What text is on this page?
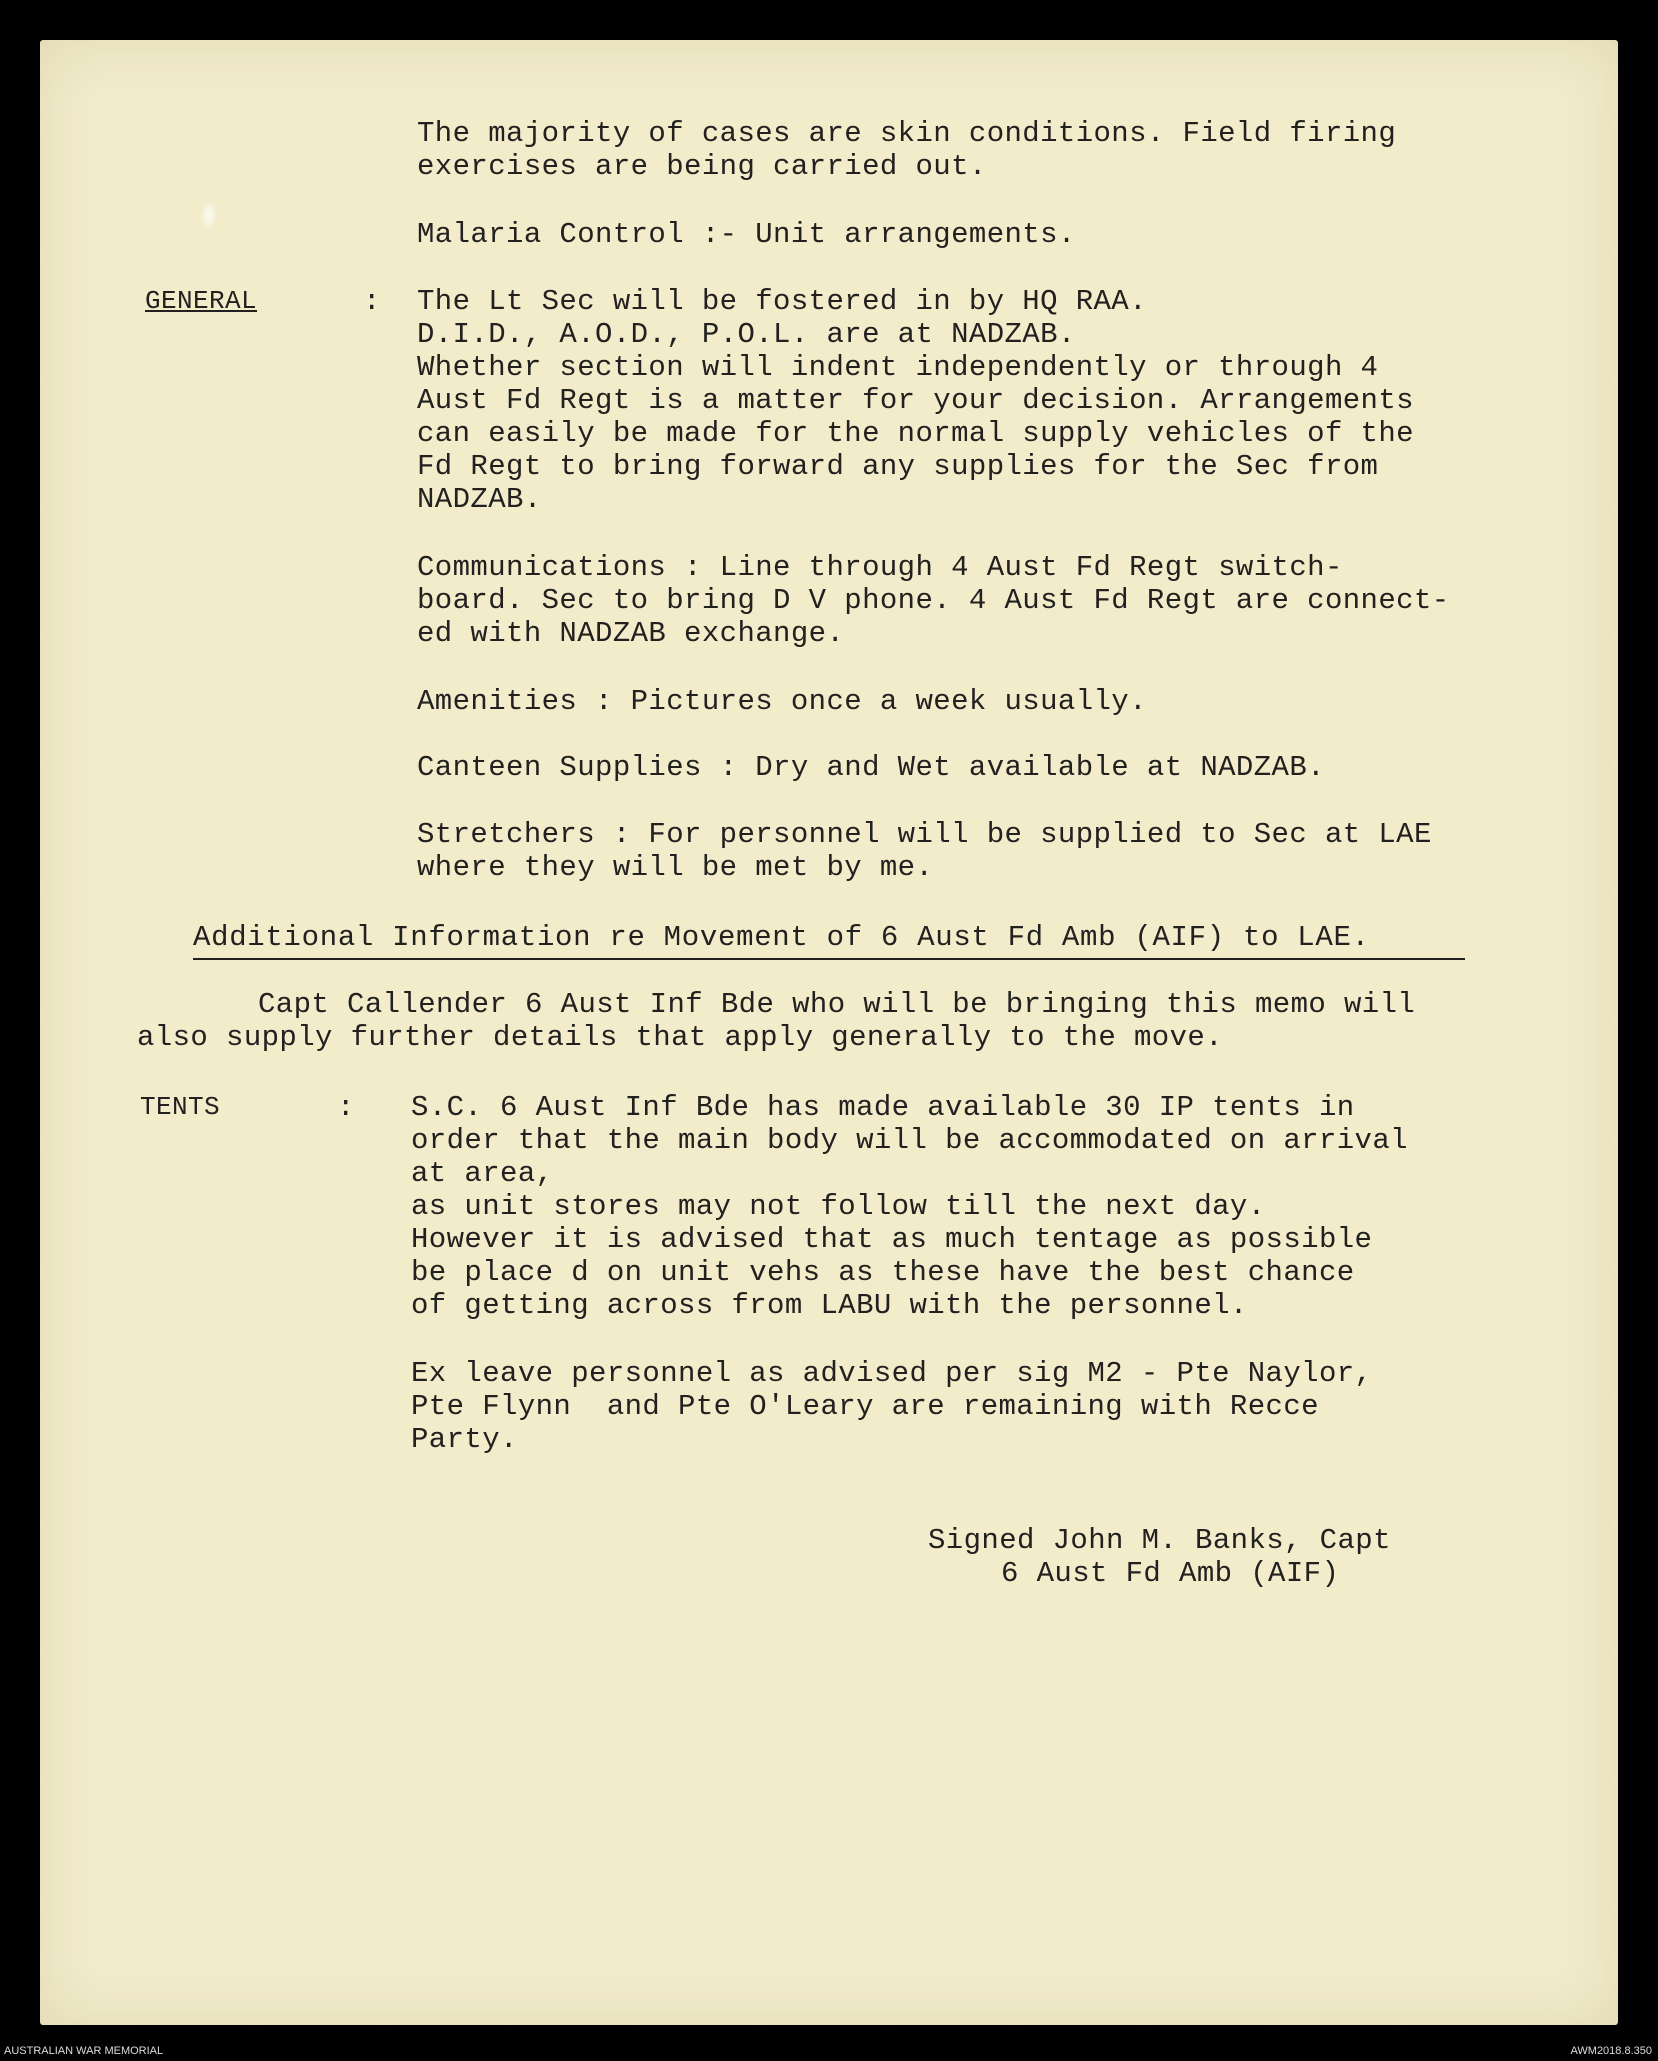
The majority of cases are skin conditions. Field firing
exercises are being carried out.
Malaria Control :- Unit arrangements.
GENERAL	: The Lt Sec will be fostered in by HQ RAA.
D.I.D., A.O.D., P.O.L. are at NADZAB.
Whether section will indent independently or through 4
Aust Fd Regt is a matter for your decision. Arrangements
can easily be made for the normal supply vehicles of the
Fd Regt to bring forward any supplies for the Sec from
NADZAB.
Communications : Line through 4 Aust Fd Regt switch-
board. Sec to bring D V phone. 4 Aust Fd Regt are connect-
ed with NADZAB exchange.
Amenities : Pictures once a week usually.
Canteen Supplies : Dry and Wet available at NADZAB.
Stretchers : For personnel will be supplied to Sec at LAE
where they will be met by me.
Additional Information re Movement of 6 Aust Fd Amb (AIF) to LAE.
Capt Callender 6 Aust Inf Bde who will be bringing this memo will
also supply further details that apply generally to the move.
TENTS	: S.C. 6 Aust Inf Bde has made available 30 IP tents in
order that the main body will be accommodated on arrival
at area,
as unit stores may not follow till the next day.
However it is advised that as much tentage as possible
be place d on unit vehs as these have the best chance
of getting across from LABU with the personnel.
Ex leave personnel as advised per sig M2 - Pte Naylor,
Pte Flynn  and Pte O'Leary are remaining with Recce
Party.
Signed John M. Banks, Capt
6 Aust Fd Amb (AIF)
AUSTRALIAN WAR MEMORIAL	AWM2018.8.350
